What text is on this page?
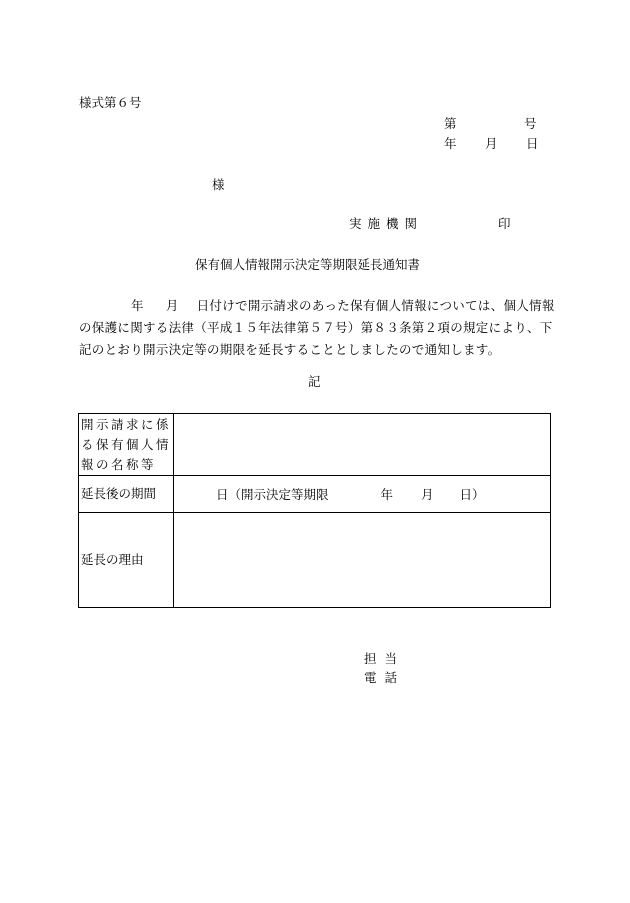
様式第６号
第	号
年 月 日
様
実施機関	印
保有個人情報開示決定等期限延長通知書
年 月 日付けで開示請求のあった保有個人情報については、個人情報の保護に関する法律（平成１５年法律第５７号）第８３条第２項の規定により、下記のとおり開示決定等の期限を延長することとしましたので通知します。
記
開示請求に係る保有個人情報の名称等	
延長後の期間	日（開示決定等期限 年 月 日）
延長の理由	
担当
電話
